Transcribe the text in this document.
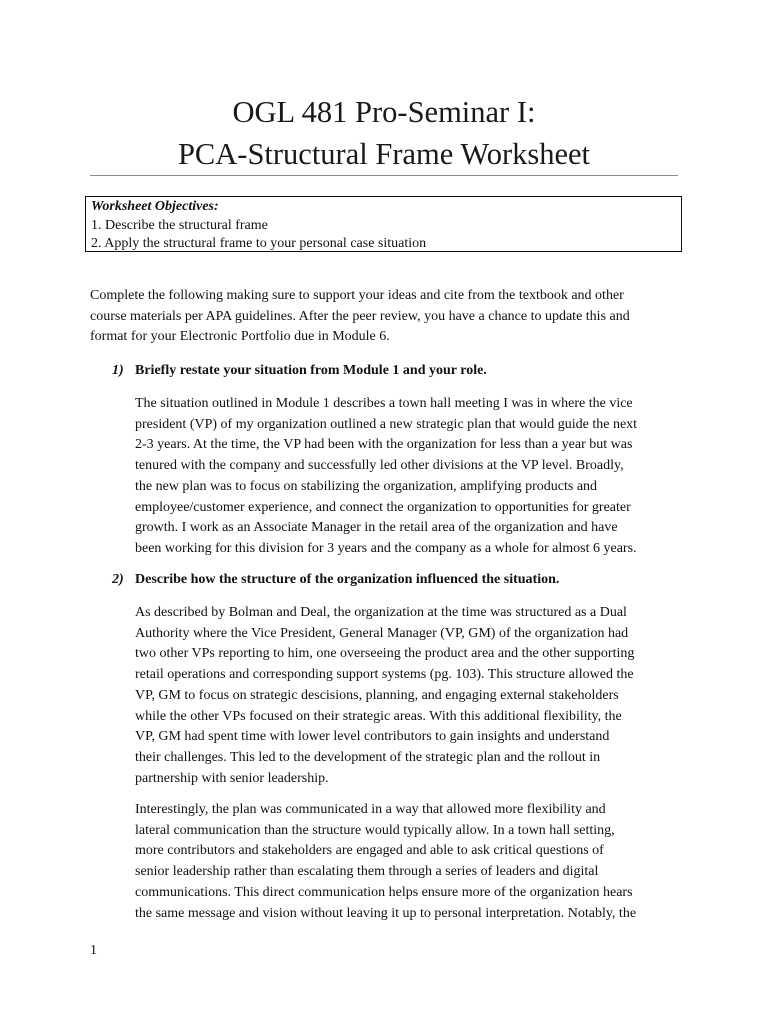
OGL 481 Pro-Seminar I:
PCA-Structural Frame Worksheet
Worksheet Objectives:
1. Describe the structural frame
2. Apply the structural frame to your personal case situation

Complete the following making sure to support your ideas and cite from the textbook and other
course materials per APA guidelines. After the peer review, you have a chance to update this and
format for your Electronic Portfolio due in Module 6.

1) Briefly restate your situation from Module 1 and your role.

The situation outlined in Module 1 describes a town hall meeting I was in where the vice
president (VP) of my organization outlined a new strategic plan that would guide the next
2-3 years. At the time, the VP had been with the organization for less than a year but was
tenured with the company and successfully led other divisions at the VP level. Broadly,
the new plan was to focus on stabilizing the organization, amplifying products and
employee/customer experience, and connect the organization to opportunities for greater
growth. I work as an Associate Manager in the retail area of the organization and have
been working for this division for 3 years and the company as a whole for almost 6 years.

2) Describe how the structure of the organization influenced the situation.

As described by Bolman and Deal, the organization at the time was structured as a Dual
Authority where the Vice President, General Manager (VP, GM) of the organization had
two other VPs reporting to him, one overseeing the product area and the other supporting
retail operations and corresponding support systems (pg. 103). This structure allowed the
VP, GM to focus on strategic descisions, planning, and engaging external stakeholders
while the other VPs focused on their strategic areas. With this additional flexibility, the
VP, GM had spent time with lower level contributors to gain insights and understand
their challenges. This led to the development of the strategic plan and the rollout in
partnership with senior leadership.

Interestingly, the plan was communicated in a way that allowed more flexibility and
lateral communication than the structure would typically allow. In a town hall setting,
more contributors and stakeholders are engaged and able to ask critical questions of
senior leadership rather than escalating them through a series of leaders and digital
communications. This direct communication helps ensure more of the organization hears
the same message and vision without leaving it up to personal interpretation. Notably, the

1
